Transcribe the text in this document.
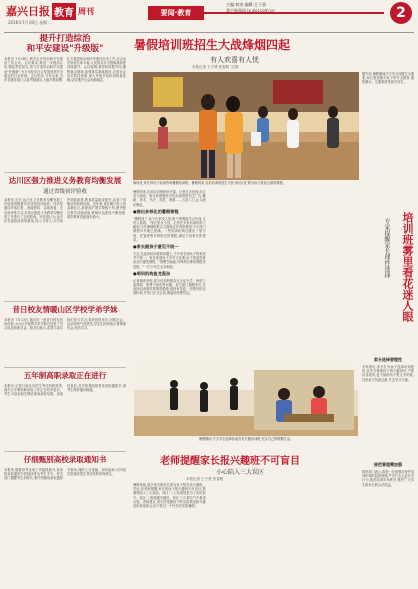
嘉兴日报 教育 周刊
2016年7月19日 星期二
要闻·教育
主编:何涛 编辑:王子贤
嘉兴新闻网 jx.zjol.com.cn	2
提升打造综治
和平安建设"升级版"
本报讯 7月18日,我市召开综治和平安建设工作会议。会议要求,要进一步提高认识,强化责任担当,努力打造综治和平安建设"升级版",为全市经济社会发展营造安全稳定的社会环境。会议指出,今年以来,全市各级各部门认真贯彻落实上级决策部署,扎实推进综治和平安建设各项工作,社会治安形势总体平稳,人民群众安全感和满意度持续提升。会议强调,要坚持问题导向,聚焦重点领域,加强基层基础建设,完善社会治安防控体系,深入开展矛盾纠纷排查化解,切实维护社会和谐稳定。
达川区强力推进义务教育均衡发展
通过省级初评验收
本报讯 近日,达川区义务教育均衡发展工作接受省级督导评估组初评验收。评估组通过听取汇报、查阅资料、实地查看、走访座谈等方式,对该区推进义务教育均衡发展工作进行了全面检查。评估组认为,达川区党委政府高度重视,投入力度大,办学条件明显改善,教育质量稳步提升,达到了省级初评验收标准。近年来,该区累计投入资金数亿元,新建改扩建学校数十所,配齐配足教学设施设备,教师队伍建设不断加强,城乡教育差距逐步缩小。
昔日校友情暖山区学校学弟学妹
本报讯 7月13日,通川区一批昔日校友回到母校,为山区学校的学弟学妹们送来了学习用品和助学金。校友们表示,希望学弟学妹们努力学习,将来回报家乡,回报社会。活动现场气氛热烈,学生们纷纷表示要珍惜机会,刻苦学习。
五年制高职录取正在进行
本报讯 记者日前从市招生考试机构获悉,我市五年制高职录取工作正在有序进行。考生可登录相关网站查询录取结果。录取结束后,各学校将陆续寄发录取通知书,请考生保持通讯畅通。
仔细甄别高校录取通知书
本报讯 随着高考录取工作陆续展开,各高校录取通知书将陆续寄达考生手中。有关部门提醒考生和家长,要仔细甄别录取通知书真伪,谨防上当受骗。如有疑问,可向招生院校或招生考试机构咨询核实。
暑假培训班招生大战烽烟四起
有人欢喜有人忧
本报记者 王子贤 张春阳 文/图
商场里,家长带孩子前来咨询暑期培训班。暑期到来,各类培训班招生火热,家长们忙着为孩子挑选合适的课程。
暑假到来,各类培训班纷纷开课。记者走访发现,市区各大商场、街头巷尾随处可见培训班的招生广告,舞蹈、美术、书法、英语、奥数……五花八门,让人眼花缭乱。
●推出多样化的暑期课程
"暑假到了,孩子在家没人管,报个班既能学点东西,又有人看着。"家长张女士说。记者在多家培训机构了解到,今年暑期班报名人数较往年有所增加,不少热门课程早早就已报满。一些培训机构还推出了夏令营、托管班等多种形式的课程,满足不同家长的需求。
●家长跟孩子意见不统一
不过,在选择培训班的问题上,不少家长和孩子的意见并不统一。家长希望孩子多学文化课,孩子则更愿意参加兴趣类课程。"我想学画画,可妈妈非要给我报英语班。"一位小学生无奈地说。
●培训机构鱼龙混杂
记者调查发现,部分培训机构存在无证办学、师资力量薄弱、收费不规范等问题。有关部门提醒家长,在选择培训班时要擦亮眼睛,选择有资质、信誉好的正规机构,并签订正式合同,保留好收费凭证。
据介绍,暑假期间学生安全问题尤为重要,家长要加强对孩子的安全教育,谨防溺水、交通事故等意外发生。
培训班雾里看花迷人眼
专家提醒家长理性选择
家长选择要理性
专家指出,家长在为孩子选择培训班时,应充分尊重孩子的兴趣爱好,不要盲目跟风,更不能给孩子报太多的班,以免孩子负担过重,失去学习兴趣。
规范管理需加强
教育部门表示,将进一步加强对校外培训机构的监督管理,严厉打击无证办学行为,规范培训市场秩序,维护广大学生和家长的合法权益。
暑假期间,不少学生选择参加各类兴趣培训班,充实自己的假期生活。
老师提醒家长报兴趣班不可盲目
小心陷入三大误区
本报记者 王子贤 张春阳
暑假来临,很多家长都在忙着为孩子报各类兴趣班。对此,有老师提醒,家长给孩子报兴趣班不可盲目,要避免陷入三大误区。误区一:上培训班是为了应试加分。误区二:报班越多越好。误区三:只看名气不看适合度。老师建议,家长应根据孩子的实际情况和兴趣爱好来选择,让孩子度过一个快乐充实的暑假。
